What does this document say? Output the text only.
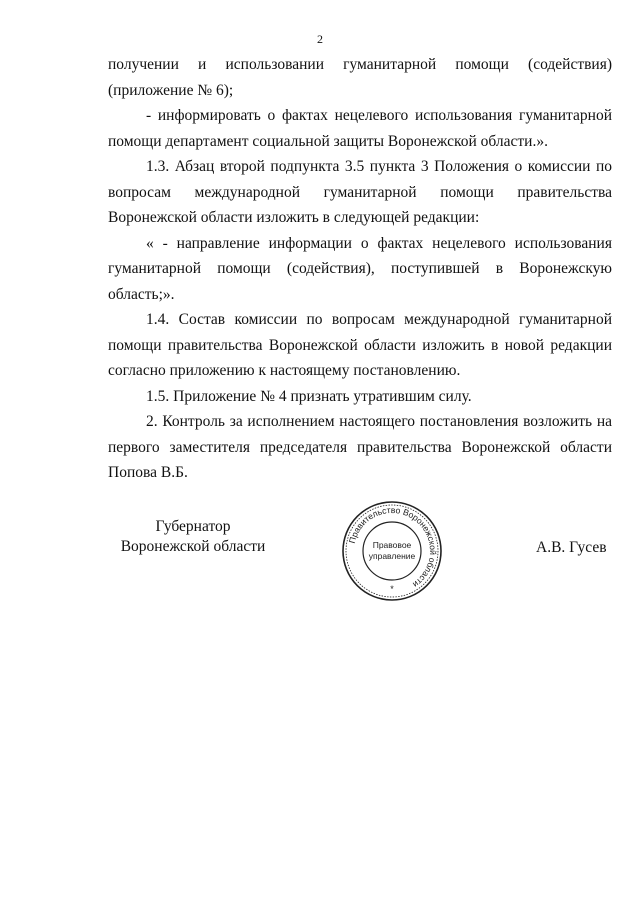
2

получении и использовании гуманитарной помощи (содействия) (приложение № 6);

- информировать о фактах нецелевого использования гуманитарной помощи департамент социальной защиты Воронежской области.».

1.3. Абзац второй подпункта 3.5 пункта 3 Положения о комиссии по вопросам международной гуманитарной помощи правительства Воронежской области изложить в следующей редакции:

« - направление информации о фактах нецелевого использования гуманитарной помощи (содействия), поступившей в Воронежскую область;».

1.4. Состав комиссии по вопросам международной гуманитарной помощи правительства Воронежской области изложить в новой редакции согласно приложению к настоящему постановлению.

1.5. Приложение № 4 признать утратившим силу.

2. Контроль за исполнением настоящего постановления возложить на первого заместителя председателя правительства Воронежской области Попова В.Б.

Губернатор
Воронежской области	Правительство Воронежской области
Правовое
управление
*
А.В. Гусев
